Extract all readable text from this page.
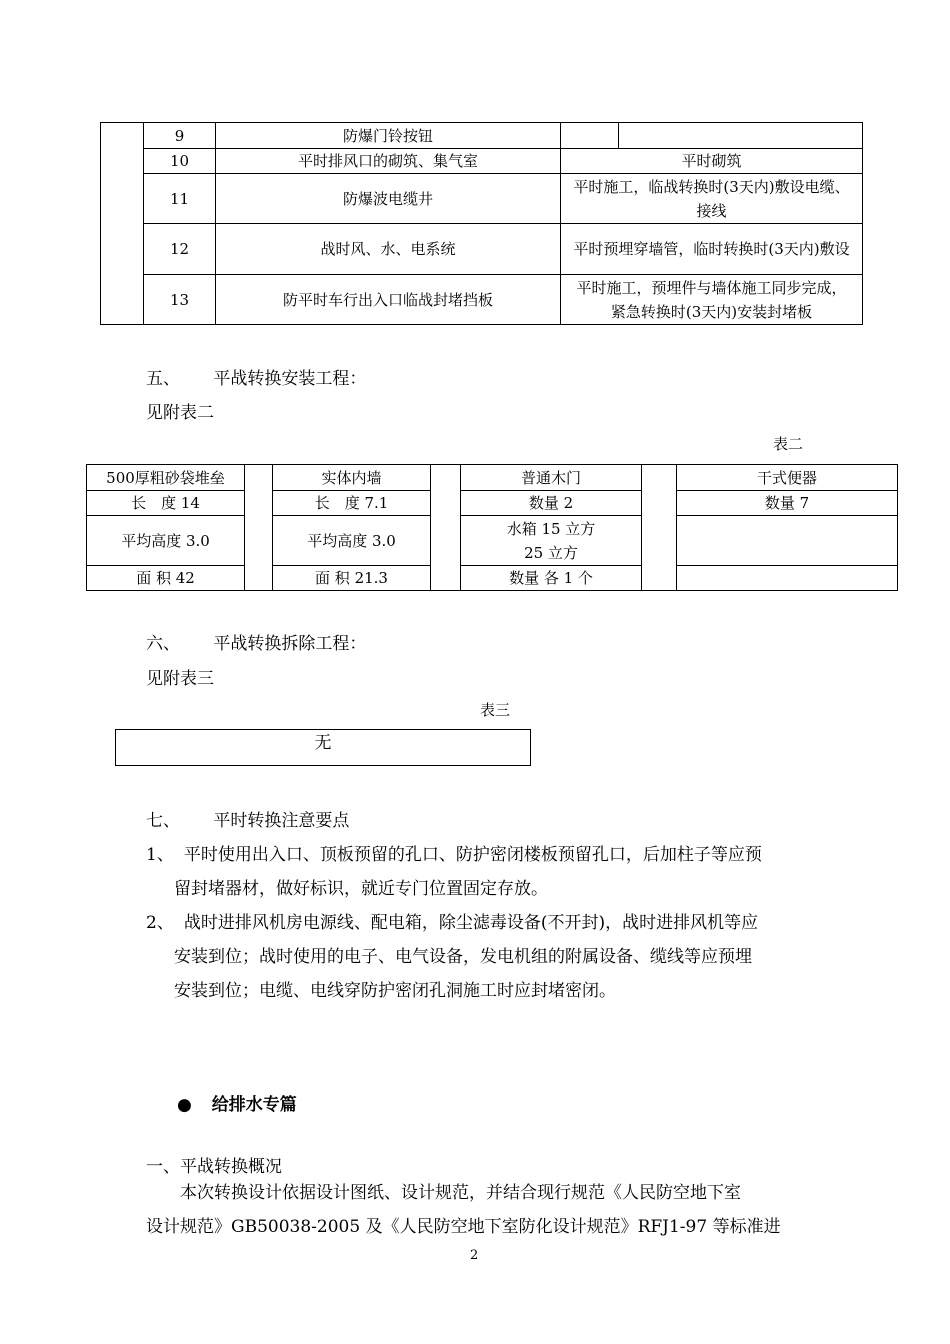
	9	防爆门铃按钮		
	10	平时排风口的砌筑、集气室	平时砌筑	
	11	防爆波电缆井	平时施工，临战转换时(3天内)敷设电缆、接线	
	12	战时风、水、电系统	平时预埋穿墙管，临时转换时(3天内)敷设	
	13	防平时车行出入口临战封堵挡板	平时施工，预埋件与墙体施工同步完成，紧急转换时(3天内)安装封堵板	
五、 平战转换安装工程：
见附表二
表二
500厚粗砂袋堆垒		实体内墙		普通木门		干式便器
长　度 14		长　度 7.1		数量 2		数量 7
平均高度 3.0		平均高度 3.0		水箱 15 立方
25 立方		

面 积 42		面 积 21.3		数量 各 1 个		
六、 平战转换拆除工程：
见附表三
表三
无
七、 平时转换注意要点
1、 平时使用出入口、顶板预留的孔口、防护密闭楼板预留孔口，后加柱子等应预
留封堵器材，做好标识，就近专门位置固定存放。
2、 战时进排风机房电源线、配电箱，除尘滤毒设备(不开封)，战时进排风机等应
安装到位；战时使用的电子、电气设备，发电机组的附属设备、缆线等应预埋
安装到位；电缆、电线穿防护密闭孔洞施工时应封堵密闭。
● 给排水专篇
一、平战转换概况
本次转换设计依据设计图纸、设计规范，并结合现行规范《人民防空地下室
设计规范》GB50038-2005 及《人民防空地下室防化设计规范》RFJ1-97 等标准进
2
